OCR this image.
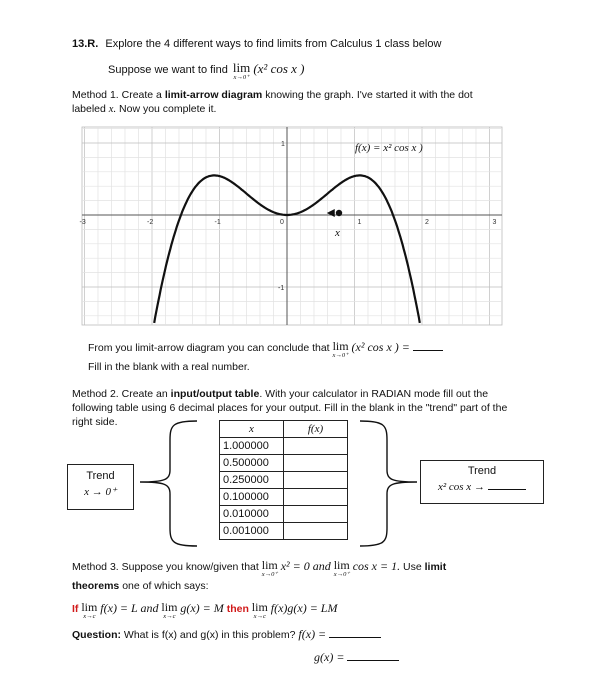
13.R. Explore the 4 different ways to find limits from Calculus 1 class below
Suppose we want to find lim
x→0⁺
(x² cos x )
Method 1. Create a limit-arrow diagram knowing the graph. I've started it with the dot
labeled x. Now you complete it.
-3	-2	-1	1	2	3
1
-1
0
f(x) = x² cos x )
x
From you limit-arrow diagram you can conclude that lim
x→0⁺
(x² cos x ) =
Fill in the blank with a real number.
Method 2. Create an input/output table. With your calculator in RADIAN mode fill out the
following table using 6 decimal places for your output. Fill in the blank in the "trend" part of the
right side.
x	f(x)
1.000000	
0.500000	
0.250000	
0.100000	
0.010000	
0.001000	
Trend
x → 0⁺
Trend
x² cos x →
Method 3. Suppose you know/given that lim
x→0⁺
x² = 0 and lim
x→0⁺
cos x = 1. Use limit
theorems one of which says:
If lim
x→c
f(x) = L and lim
x→c
g(x) = M then lim
x→c
f(x)g(x) = LM
Question: What is f(x) and g(x) in this problem? f(x) =
g(x) =
